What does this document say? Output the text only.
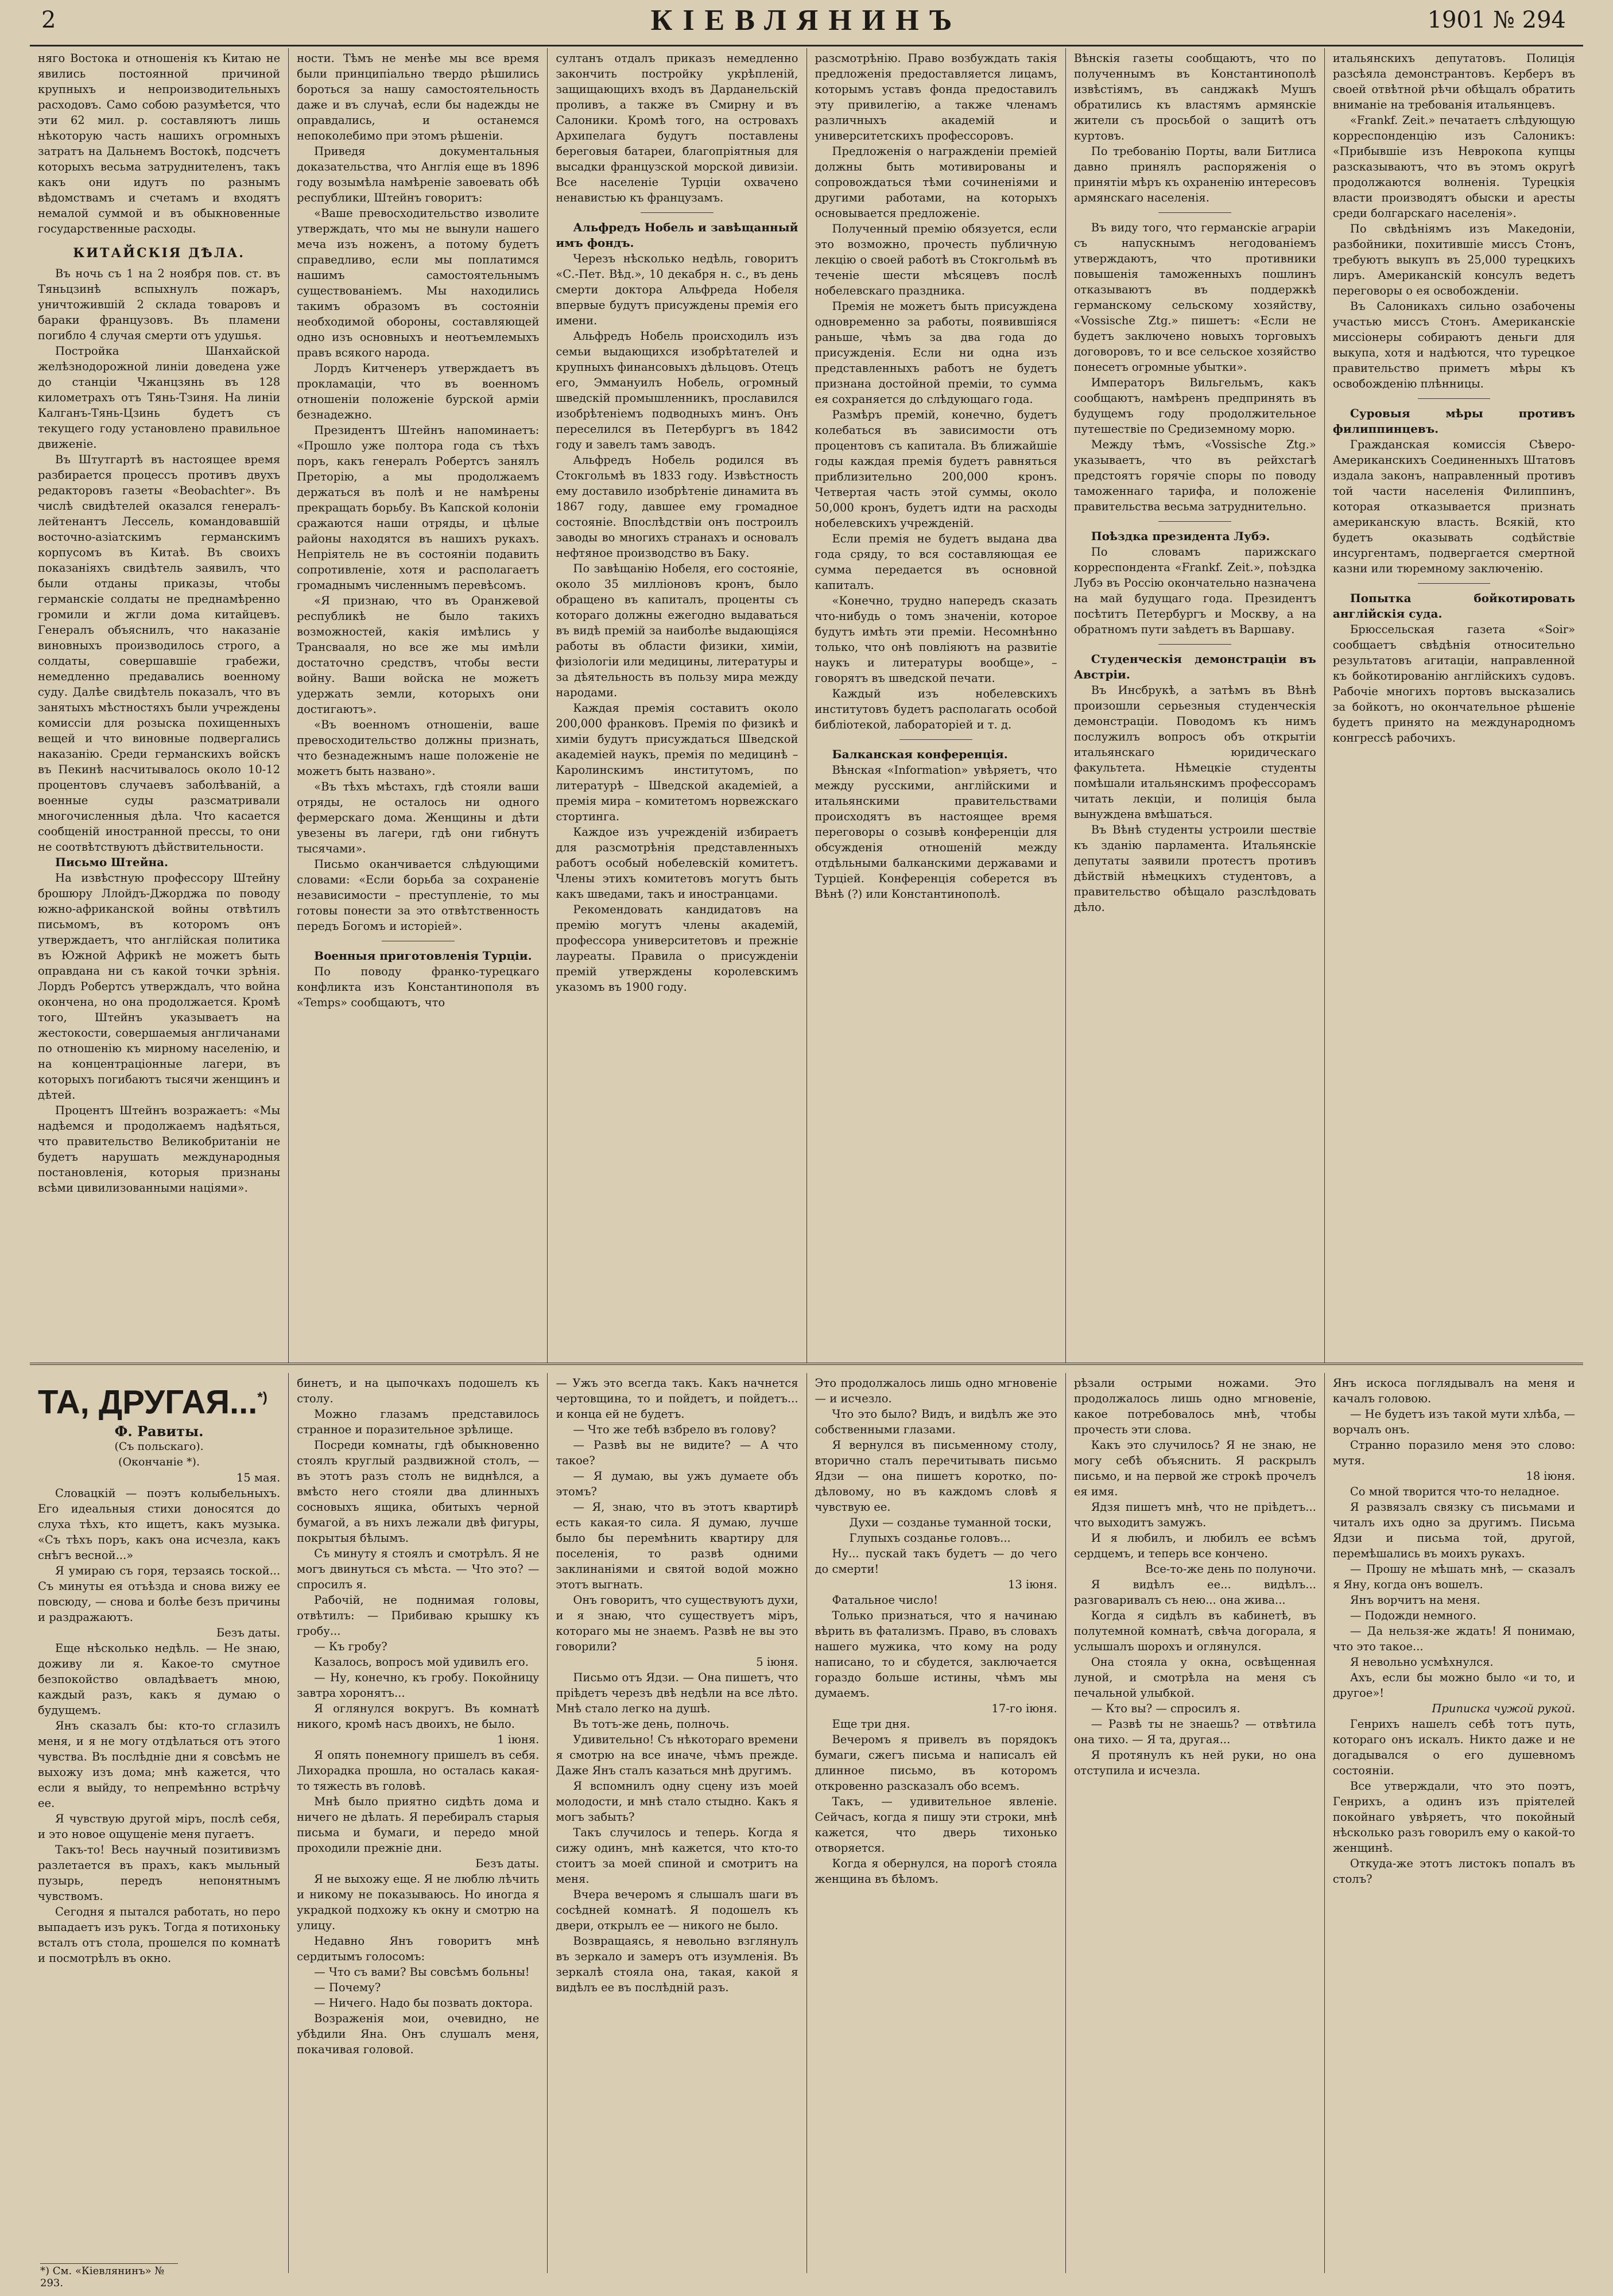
2	КІЕВЛЯНИНЪ	1901 № 294

няго Востока и отношенія къ Китаю не явились постоянной причиной крупныхъ и непроизводительныхъ расходовъ. Само собою разумѣется, что эти 62 мил. р. составляютъ лишь нѣкоторую часть нашихъ огромныхъ затратъ на Дальнемъ Востокѣ, подсчетъ которыхъ весьма затруднителенъ, такъ какъ они идутъ по разнымъ вѣдомствамъ и счетамъ и входятъ немалой суммой и въ обыкновенные государственные расходы.

КИТАЙСКІЯ ДѢЛА.

Въ ночь съ 1 на 2 ноября пов. ст. въ Тяньцзинѣ вспыхнулъ пожаръ, уничтожившій 2 склада товаровъ и бараки французовъ. Въ пламени погибло 4 случая смерти отъ удушья.

Постройка Шанхайской желѣзнодорожной линіи доведена уже до станціи Чжанцзянь въ 128 километрахъ отъ Тянь-Тзиня. На линіи Калганъ-Тянь-Цзинь будетъ съ текущего году установлено правильное движеніе.

Въ Штутгартѣ въ настоящее время разбирается процессъ противъ двухъ редакторовъ газеты «Beobachter». Въ числѣ свидѣтелей оказался генералъ-лейтенантъ Лессель, командовавшій восточно-азіатскимъ германскимъ корпусомъ въ Китаѣ. Въ своихъ показаніяхъ свидѣтель заявилъ, что были отданы приказы, чтобы германскіе солдаты не преднамѣренно громили и жгли дома китайцевъ. Генералъ объяснилъ, что наказаніе виновныхъ производилось строго, а солдаты, совершавшіе грабежи, немедленно предавались военному суду. Далѣе свидѣтель показалъ, что въ занятыхъ мѣстностяхъ были учреждены комиссіи для розыска похищенныхъ вещей и что виновные подвергались наказанію. Среди германскихъ войскъ въ Пекинѣ насчитывалось около 10-12 процентовъ случаевъ заболѣваній, а военные суды разсматривали многочисленныя дѣла. Что касается сообщеній иностранной прессы, то они не соотвѣтствуютъ дѣйствительности.

Письмо Штейна.

На извѣстную профессору Штейну брошюру Ллойдъ-Джорджа по поводу южно-африканской войны отвѣтилъ письмомъ, въ которомъ онъ утверждаетъ, что англійская политика въ Южной Африкѣ не можетъ быть оправдана ни съ какой точки зрѣнія. Лордъ Робертсъ утверждалъ, что война окончена, но она продолжается. Кромѣ того, Штейнъ указываетъ на жестокости, совершаемыя англичанами по отношенію къ мирному населенію, и на концентраціонные лагери, въ которыхъ погибаютъ тысячи женщинъ и дѣтей.

Процентъ Штейнъ возражаетъ: «Мы надѣемся и продолжаемъ надѣяться, что правительство Великобританіи не будетъ нарушать международныя постановленія, которыя признаны всѣми цивилизованными націями».

ности. Тѣмъ не менѣе мы все время были принципіально твердо рѣшились бороться за нашу самостоятельность даже и въ случаѣ, если бы надежды не оправдались, и останемся непоколебимо при этомъ рѣшеніи.

Приведя документальныя доказательства, что Англія еще въ 1896 году возымѣла намѣреніе завоевать обѣ республики, Штейнъ говоритъ:

«Ваше превосходительство изволите утверждать, что мы не вынули нашего меча изъ ноженъ, а потому будетъ справедливо, если мы поплатимся нашимъ самостоятельнымъ существованіемъ. Мы находились такимъ образомъ въ состояніи необходимой обороны, составляющей одно изъ основныхъ и неотъемлемыхъ правъ всякого народа.

Лордъ Китченеръ утверждаетъ въ прокламаціи, что въ военномъ отношеніи положеніе бурской арміи безнадежно.

Президентъ Штейнъ напоминаетъ: «Прошло уже полтора года съ тѣхъ поръ, какъ генералъ Робертсъ занялъ Преторію, а мы продолжаемъ держаться въ полѣ и не намѣрены прекращать борьбу. Въ Капской колоніи сражаются наши отряды, и цѣлые районы находятся въ нашихъ рукахъ. Непріятель не въ состояніи подавить сопротивленіе, хотя и располагаетъ громаднымъ численнымъ перевѣсомъ.

«Я признаю, что въ Оранжевой республикѣ не было такихъ возможностей, какія имѣлись у Трансвааля, но все же мы имѣли достаточно средствъ, чтобы вести войну. Ваши войска не можетъ удержать земли, которыхъ они достигаютъ».

«Въ военномъ отношеніи, ваше превосходительство должны признать, что безнадежнымъ наше положеніе не можетъ быть названо».

«Въ тѣхъ мѣстахъ, гдѣ стояли ваши отряды, не осталось ни одного фермерскаго дома. Женщины и дѣти увезены въ лагери, гдѣ они гибнутъ тысячами».

Письмо оканчивается слѣдующими словами: «Если борьба за сохраненіе независимости – преступленіе, то мы готовы понести за это отвѣтственность передъ Богомъ и исторіей».

Военныя приготовленія Турціи.

По поводу франко-турецкаго конфликта изъ Константинополя въ «Temps» сообщаютъ, что

султанъ отдалъ приказъ немедленно закончить постройку укрѣпленій, защищающихъ входъ въ Дарданельскій проливъ, а также въ Смирну и въ Салоники. Кромѣ того, на островахъ Архипелага будутъ поставлены береговыя батареи, благопріятныя для высадки французской морской дивизіи. Все населеніе Турціи охвачено ненавистью къ французамъ.

Альфредъ Нобель и завѣщанный имъ фондъ.

Черезъ нѣсколько недѣль, говоритъ «С.-Пет. Вѣд.», 10 декабря н. с., въ день смерти доктора Альфреда Нобеля впервые будутъ присуждены премія его имени.

Альфредъ Нобель происходилъ изъ семьи выдающихся изобрѣтателей и крупныхъ финансовыхъ дѣльцовъ. Отецъ его, Эммануилъ Нобель, огромный шведскій промышленникъ, прославился изобрѣтеніемъ подводныхъ минъ. Онъ переселился въ Петербургъ въ 1842 году и завелъ тамъ заводъ.

Альфредъ Нобель родился въ Стокгольмѣ въ 1833 году. Извѣстность ему доставило изобрѣтеніе динамита въ 1867 году, давшее ему громадное состояніе. Впослѣдствіи онъ построилъ заводы во многихъ странахъ и основалъ нефтяное производство въ Баку.

По завѣщанію Нобеля, его состояніе, около 35 милліоновъ кронъ, было обращено въ капиталъ, проценты съ котораго должны ежегодно выдаваться въ видѣ премій за наиболѣе выдающіяся работы въ области физики, химіи, физіологіи или медицины, литературы и за дѣятельность въ пользу мира между народами.

Каждая премія составитъ около 200,000 франковъ. Премія по физикѣ и химіи будутъ присуждаться Шведской академіей наукъ, премія по медицинѣ – Каролинскимъ институтомъ, по литературѣ – Шведской академіей, а премія мира – комитетомъ норвежскаго стортинга.

Каждое изъ учрежденій избираетъ для разсмотрѣнія представленныхъ работъ особый нобелевскій комитетъ. Члены этихъ комитетовъ могутъ быть какъ шведами, такъ и иностранцами.

Рекомендовать кандидатовъ на премію могутъ члены академій, профессора университетовъ и прежніе лауреаты. Правила о присужденіи премій утверждены королевскимъ указомъ въ 1900 году.

разсмотрѣнію. Право возбуждать такія предложенія предоставляется лицамъ, которымъ уставъ фонда предоставилъ эту привилегію, а также членамъ различныхъ академій и университетскихъ профессоровъ.

Предложенія о награжденіи преміей должны быть мотивированы и сопровождаться тѣми сочиненіями и другими работами, на которыхъ основывается предложеніе.

Полученный премію обязуется, если это возможно, прочесть публичную лекцію о своей работѣ въ Стокгольмѣ въ теченіе шести мѣсяцевъ послѣ нобелевскаго праздника.

Премія не можетъ быть присуждена одновременно за работы, появившіяся раньше, чѣмъ за два года до присужденія. Если ни одна изъ представленныхъ работъ не будетъ признана достойной преміи, то сумма ея сохраняется до слѣдующаго года.

Размѣръ премій, конечно, будетъ колебаться въ зависимости отъ процентовъ съ капитала. Въ ближайшіе годы каждая премія будетъ равняться приблизительно 200,000 кронъ. Четвертая часть этой суммы, около 50,000 кронъ, будетъ идти на расходы нобелевскихъ учрежденій.

Если премія не будетъ выдана два года сряду, то вся составляющая ее сумма передается въ основной капиталъ.

«Конечно, трудно напередъ сказать что-нибудь о томъ значеніи, которое будутъ имѣть эти преміи. Несомнѣнно только, что онѣ повліяютъ на развитіе наукъ и литературы вообще», – говорятъ въ шведской печати.

Каждый изъ нобелевскихъ институтовъ будетъ располагать особой библіотекой, лабораторіей и т. д.

Балканская конференція.

Вѣнская «Information» увѣряетъ, что между русскими, англійскими и итальянскими правительствами происходятъ въ настоящее время переговоры о созывѣ конференціи для обсужденія отношеній между отдѣльными балканскими державами и Турціей. Конференція соберется въ Вѣнѣ (?) или Константинополѣ.

Вѣнскія газеты сообщаютъ, что по полученнымъ въ Константинополѣ извѣстіямъ, въ санджакѣ Мушъ обратились къ властямъ армянскіе жители съ просьбой о защитѣ отъ куртовъ.

По требованію Порты, вали Битлиса давно принялъ распоряженія о принятіи мѣръ къ охраненію интересовъ армянскаго населенія.

Въ виду того, что германскіе аграріи съ напускнымъ негодованіемъ утверждаютъ, что противники повышенія таможенныхъ пошлинъ отказываютъ въ поддержкѣ германскому сельскому хозяйству, «Vossische Ztg.» пишетъ: «Если не будетъ заключено новыхъ торговыхъ договоровъ, то и все сельское хозяйство понесетъ огромные убытки».

Императоръ Вильгельмъ, какъ сообщаютъ, намѣренъ предпринять въ будущемъ году продолжительное путешествіе по Средиземному морю.

Между тѣмъ, «Vossische Ztg.» указываетъ, что въ рейхстагѣ предстоятъ горячіе споры по поводу таможеннаго тарифа, и положеніе правительства весьма затруднительно.

Поѣздка президента Лубэ.

По словамъ парижскаго корреспондента «Frankf. Zeit.», поѣздка Лубэ въ Россію окончательно назначена на май будущаго года. Президентъ посѣтитъ Петербургъ и Москву, а на обратномъ пути заѣдетъ въ Варшаву.

Студенческія демонстраціи въ Австріи.

Въ Инсбрукѣ, а затѣмъ въ Вѣнѣ произошли серьезныя студенческія демонстраціи. Поводомъ къ нимъ послужилъ вопросъ объ открытіи итальянскаго юридическаго факультета. Нѣмецкіе студенты помѣшали итальянскимъ профессорамъ читать лекціи, и полиція была вынуждена вмѣшаться.

Въ Вѣнѣ студенты устроили шествіе къ зданію парламента. Итальянскіе депутаты заявили протестъ противъ дѣйствій нѣмецкихъ студентовъ, а правительство обѣщало разслѣдовать дѣло.

итальянскихъ депутатовъ. Полиція разсѣяла демонстрантовъ. Керберъ въ своей отвѣтной рѣчи обѣщалъ обратить вниманіе на требованія итальянцевъ.

«Frankf. Zeit.» печатаетъ слѣдующую корреспонденцію изъ Салоникъ: «Прибывшіе изъ Неврокопа купцы разсказываютъ, что въ этомъ округѣ продолжаются волненія. Турецкія власти производятъ обыски и аресты среди болгарскаго населенія».

По свѣдѣніямъ изъ Македоніи, разбойники, похитившіе миссъ Стонъ, требуютъ выкупъ въ 25,000 турецкихъ лиръ. Американскій консулъ ведетъ переговоры о ея освобожденіи.

Въ Салоникахъ сильно озабочены участью миссъ Стонъ. Американскіе миссіонеры собираютъ деньги для выкупа, хотя и надѣются, что турецкое правительство приметъ мѣры къ освобожденію плѣнницы.

Суровыя мѣры противъ филиппинцевъ.

Гражданская комиссія Сѣверо-Американскихъ Соединенныхъ Штатовъ издала законъ, направленный противъ той части населенія Филиппинъ, которая отказывается признать американскую власть. Всякій, кто будетъ оказывать содѣйствіе инсургентамъ, подвергается смертной казни или тюремному заключенію.

Попытка бойкотировать англійскія суда.

Брюссельская газета «Soir» сообщаетъ свѣдѣнія относительно результатовъ агитаціи, направленной къ бойкотированію англійскихъ судовъ. Рабочіе многихъ портовъ высказались за бойкотъ, но окончательное рѣшеніе будетъ принято на международномъ конгрессѣ рабочихъ.

ТА, ДРУГАЯ...*)
Ф. Равиты.
(Съ польскаго).
(Окончаніе *).
15 мая.

Словацкій — поэтъ колыбельныхъ. Его идеальныя стихи доносятся до слуха тѣхъ, кто ищетъ, какъ музыка. «Съ тѣхъ поръ, какъ она исчезла, какъ снѣгъ весной...»

Я умираю съ горя, терзаясь тоской... Съ минуты ея отъѣзда и снова вижу ее повсюду, — снова и болѣе безъ причины и раздражаютъ.

Безъ даты.

Еще нѣсколько недѣль. — Не знаю, доживу ли я. Какое-то смутное безпокойство овладѣваетъ мною, каждый разъ, какъ я думаю о будущемъ.

Янъ сказалъ бы: кто-то сглазилъ меня, и я не могу отдѣлаться отъ этого чувства. Въ послѣдніе дни я совсѣмъ не выхожу изъ дома; мнѣ кажется, что если я выйду, то непремѣнно встрѣчу ее.

Я чувствую другой міръ, послѣ себя, и это новое ощущеніе меня пугаетъ.

Такъ-то! Весь научный позитивизмъ разлетается въ прахъ, какъ мыльный пузырь, передъ непонятнымъ чувствомъ.

Сегодня я пытался работать, но перо выпадаетъ изъ рукъ. Тогда я потихоньку всталъ отъ стола, прошелся по комнатѣ и посмотрѣлъ въ окно.

бинетъ, и на цыпочкахъ подошелъ къ столу.

Можно глазамъ представилось странное и поразительное зрѣлище.

Посреди комнаты, гдѣ обыкновенно стоялъ круглый раздвижной столъ, — въ этотъ разъ столъ не виднѣлся, а вмѣсто него стояли два длинныхъ сосновыхъ ящика, обитыхъ черной бумагой, а въ нихъ лежали двѣ фигуры, покрытыя бѣлымъ.

Съ минуту я стоялъ и смотрѣлъ. Я не могъ двинуться съ мѣста. — Что это? — спросилъ я.

Рабочій, не поднимая головы, отвѣтилъ: — Прибиваю крышку къ гробу...

— Къ гробу?

Казалось, вопросъ мой удивилъ его.

— Ну, конечно, къ гробу. Покойницу завтра хоронятъ...

Я оглянулся вокругъ. Въ комнатѣ никого, кромѣ насъ двоихъ, не было.

1 іюня.

Я опять понемногу пришелъ въ себя. Лихорадка прошла, но осталась какая-то тяжесть въ головѣ.

Мнѣ было приятно сидѣть дома и ничего не дѣлать. Я перебиралъ старыя письма и бумаги, и передо мной проходили прежніе дни.

Безъ даты.

Я не выхожу еще. Я не люблю лѣчить и никому не показываюсь. Но иногда я украдкой подхожу къ окну и смотрю на улицу.

Недавно Янъ говоритъ мнѣ сердитымъ голосомъ:

— Что съ вами? Вы совсѣмъ больны!

— Почему?

— Ничего. Надо бы позвать доктора.

Возраженія мои, очевидно, не убѣдили Яна. Онъ слушалъ меня, покачивая головой.

— Ужъ это всегда такъ. Какъ начнется чертовщина, то и пойдетъ, и пойдетъ... и конца ей не будетъ.

— Что же тебѣ взбрело въ голову?

— Развѣ вы не видите? — А что такое?

— Я думаю, вы ужъ думаете объ этомъ?

— Я, знаю, что въ этотъ квартирѣ есть какая-то сила. Я думаю, лучше было бы перемѣнить квартиру для поселенія, то развѣ одними заклинаніями и святой водой можно этотъ выгнать.

Онъ говоритъ, что существуютъ духи, и я знаю, что существуетъ міръ, котораго мы не знаемъ. Развѣ не вы это говорили?

5 іюня.

Письмо отъ Ядзи. — Она пишетъ, что пріѣдетъ черезъ двѣ недѣли на все лѣто. Мнѣ стало легко на душѣ.

Въ тотъ-же день, полночь.

Удивительно! Съ нѣкотораго времени я смотрю на все иначе, чѣмъ прежде. Даже Янъ сталъ казаться мнѣ другимъ.

Я вспомнилъ одну сцену изъ моей молодости, и мнѣ стало стыдно. Какъ я могъ забыть?

Такъ случилось и теперь. Когда я сижу одинъ, мнѣ кажется, что кто-то стоитъ за моей спиной и смотритъ на меня.

Вчера вечеромъ я слышалъ шаги въ сосѣдней комнатѣ. Я подошелъ къ двери, открылъ ее — никого не было.

Возвращаясь, я невольно взглянулъ въ зеркало и замеръ отъ изумленія. Въ зеркалѣ стояла она, такая, какой я видѣлъ ее въ послѣдній разъ.

Это продолжалось лишь одно мгновеніе — и исчезло.

Что это было? Видъ, и видѣлъ же это собственными глазами.

Я вернулся въ письменному столу, вторично сталъ перечитывать письмо Ядзи — она пишетъ коротко, по-дѣловому, но въ каждомъ словѣ я чувствую ее.

Духи — созданье туманной тоски,

Глупыхъ созданье головъ...

Ну... пускай такъ будетъ — до чего до смерти!

13 іюня.

Фатальное число!

Только признаться, что я начинаю вѣрить въ фатализмъ. Право, въ словахъ нашего мужика, что кому на роду написано, то и сбудется, заключается гораздо больше истины, чѣмъ мы думаемъ.

17-го іюня.

Еще три дня.

Вечеромъ я привелъ въ порядокъ бумаги, сжегъ письма и написалъ ей длинное письмо, въ которомъ откровенно разсказалъ обо всемъ.

Такъ, — удивительное явленіе. Сейчасъ, когда я пишу эти строки, мнѣ кажется, что дверь тихонько отворяется.

Когда я обернулся, на порогѣ стояла женщина въ бѣломъ.

рѣзали острыми ножами. Это продолжалось лишь одно мгновеніе, какое потребовалось мнѣ, чтобы прочесть эти слова.

Какъ это случилось? Я не знаю, не могу себѣ объяснить. Я раскрылъ письмо, и на первой же строкѣ прочелъ ея имя.

Ядзя пишетъ мнѣ, что не пріѣдетъ... что выходитъ замужъ.

И я любилъ, и любилъ ее всѣмъ сердцемъ, и теперь все кончено.

Все-то-же день по полуночи.

Я видѣлъ ее... видѣлъ... разговаривалъ съ нею... она жива...

Когда я сидѣлъ въ кабинетѣ, въ полутемной комнатѣ, свѣча догорала, я услышалъ шорохъ и оглянулся.

Она стояла у окна, освѣщенная луной, и смотрѣла на меня съ печальной улыбкой.

— Кто вы? — спросилъ я.

— Развѣ ты не знаешь? — отвѣтила она тихо. — Я та, другая...

Я протянулъ къ ней руки, но она отступила и исчезла.

Янъ искоса поглядывалъ на меня и качалъ головою.

— Не будетъ изъ такой мути хлѣба, — ворчалъ онъ.

Странно поразило меня это слово: мутя.

18 іюня.

Со мной творится что-то неладное.

Я развязалъ связку съ письмами и читалъ ихъ одно за другимъ. Письма Ядзи и письма той, другой, перемѣшались въ моихъ рукахъ.

— Прошу не мѣшать мнѣ, — сказалъ я Яну, когда онъ вошелъ.

Янъ ворчитъ на меня.

— Подожди немного.

— Да нельзя-же ждать! Я понимаю, что это такое...

Я невольно усмѣхнулся.

Ахъ, если бы можно было «и то, и другое»!

Приписка чужой рукой.

Генрихъ нашелъ себѣ тотъ путь, котораго онъ искалъ. Никто даже и не догадывался о его душевномъ состояніи.

Все утверждали, что это поэтъ, Генрихъ, а одинъ изъ пріятелей покойнаго увѣряетъ, что покойный нѣсколько разъ говорилъ ему о какой-то женщинѣ.

Откуда-же этотъ листокъ попалъ въ столъ?

*) См. «Кіевлянинъ» № 293.
